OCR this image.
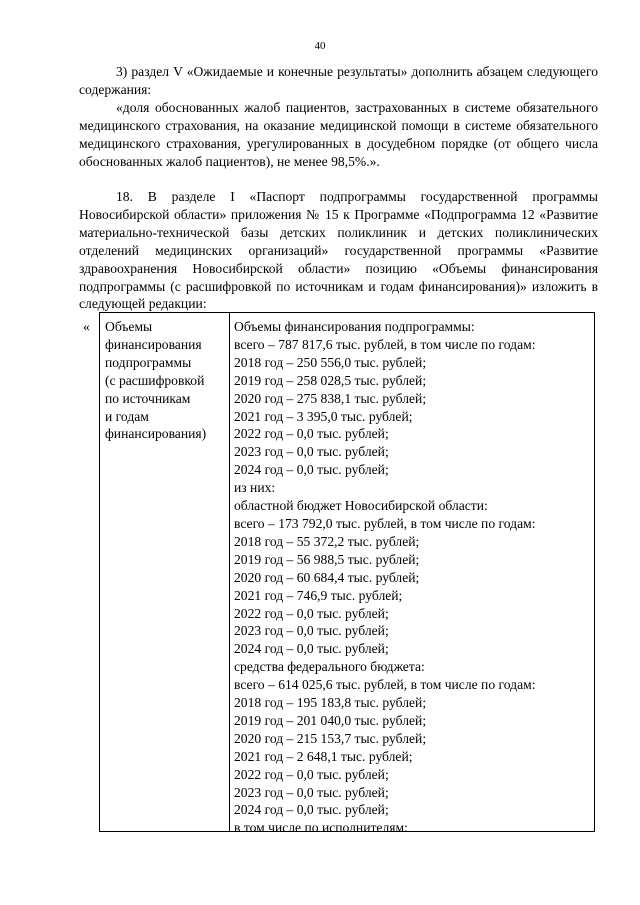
40

3) раздел V «Ожидаемые и конечные результаты» дополнить абзацем следующего содержания:

«доля обоснованных жалоб пациентов, застрахованных в системе обязательного медицинского страхования, на оказание медицинской помощи в системе обязательного медицинского страхования, урегулированных в досудебном порядке (от общего числа обоснованных жалоб пациентов), не менее 98,5%.».

18. В разделе I «Паспорт подпрограммы государственной программы Новосибирской области» приложения № 15 к Программе «Подпрограмма 12 «Развитие материально-технической базы детских поликлиник и детских поликлинических отделений медицинских организаций» государственной программы «Развитие здравоохранения Новосибирской области» позицию «Объемы финансирования подпрограммы (с расшифровкой по источникам и годам финансирования)» изложить в следующей редакции:

« Объемы
финансирования
подпрограммы
(с расшифровкой
по источникам
и годам
финансирования)
Объемы финансирования подпрограммы:
всего – 787 817,6 тыс. рублей, в том числе по годам:
2018 год – 250 556,0 тыс. рублей;
2019 год – 258 028,5 тыс. рублей;
2020 год – 275 838,1 тыс. рублей;
2021 год – 3 395,0 тыс. рублей;
2022 год – 0,0 тыс. рублей;
2023 год – 0,0 тыс. рублей;
2024 год – 0,0 тыс. рублей;
из них:
областной бюджет Новосибирской области:
всего – 173 792,0 тыс. рублей, в том числе по годам:
2018 год – 55 372,2 тыс. рублей;
2019 год – 56 988,5 тыс. рублей;
2020 год – 60 684,4 тыс. рублей;
2021 год – 746,9 тыс. рублей;
2022 год – 0,0 тыс. рублей;
2023 год – 0,0 тыс. рублей;
2024 год – 0,0 тыс. рублей;
средства федерального бюджета:
всего – 614 025,6 тыс. рублей, в том числе по годам:
2018 год – 195 183,8 тыс. рублей;
2019 год – 201 040,0 тыс. рублей;
2020 год – 215 153,7 тыс. рублей;
2021 год – 2 648,1 тыс. рублей;
2022 год – 0,0 тыс. рублей;
2023 год – 0,0 тыс. рублей;
2024 год – 0,0 тыс. рублей;
в том числе по исполнителям:
